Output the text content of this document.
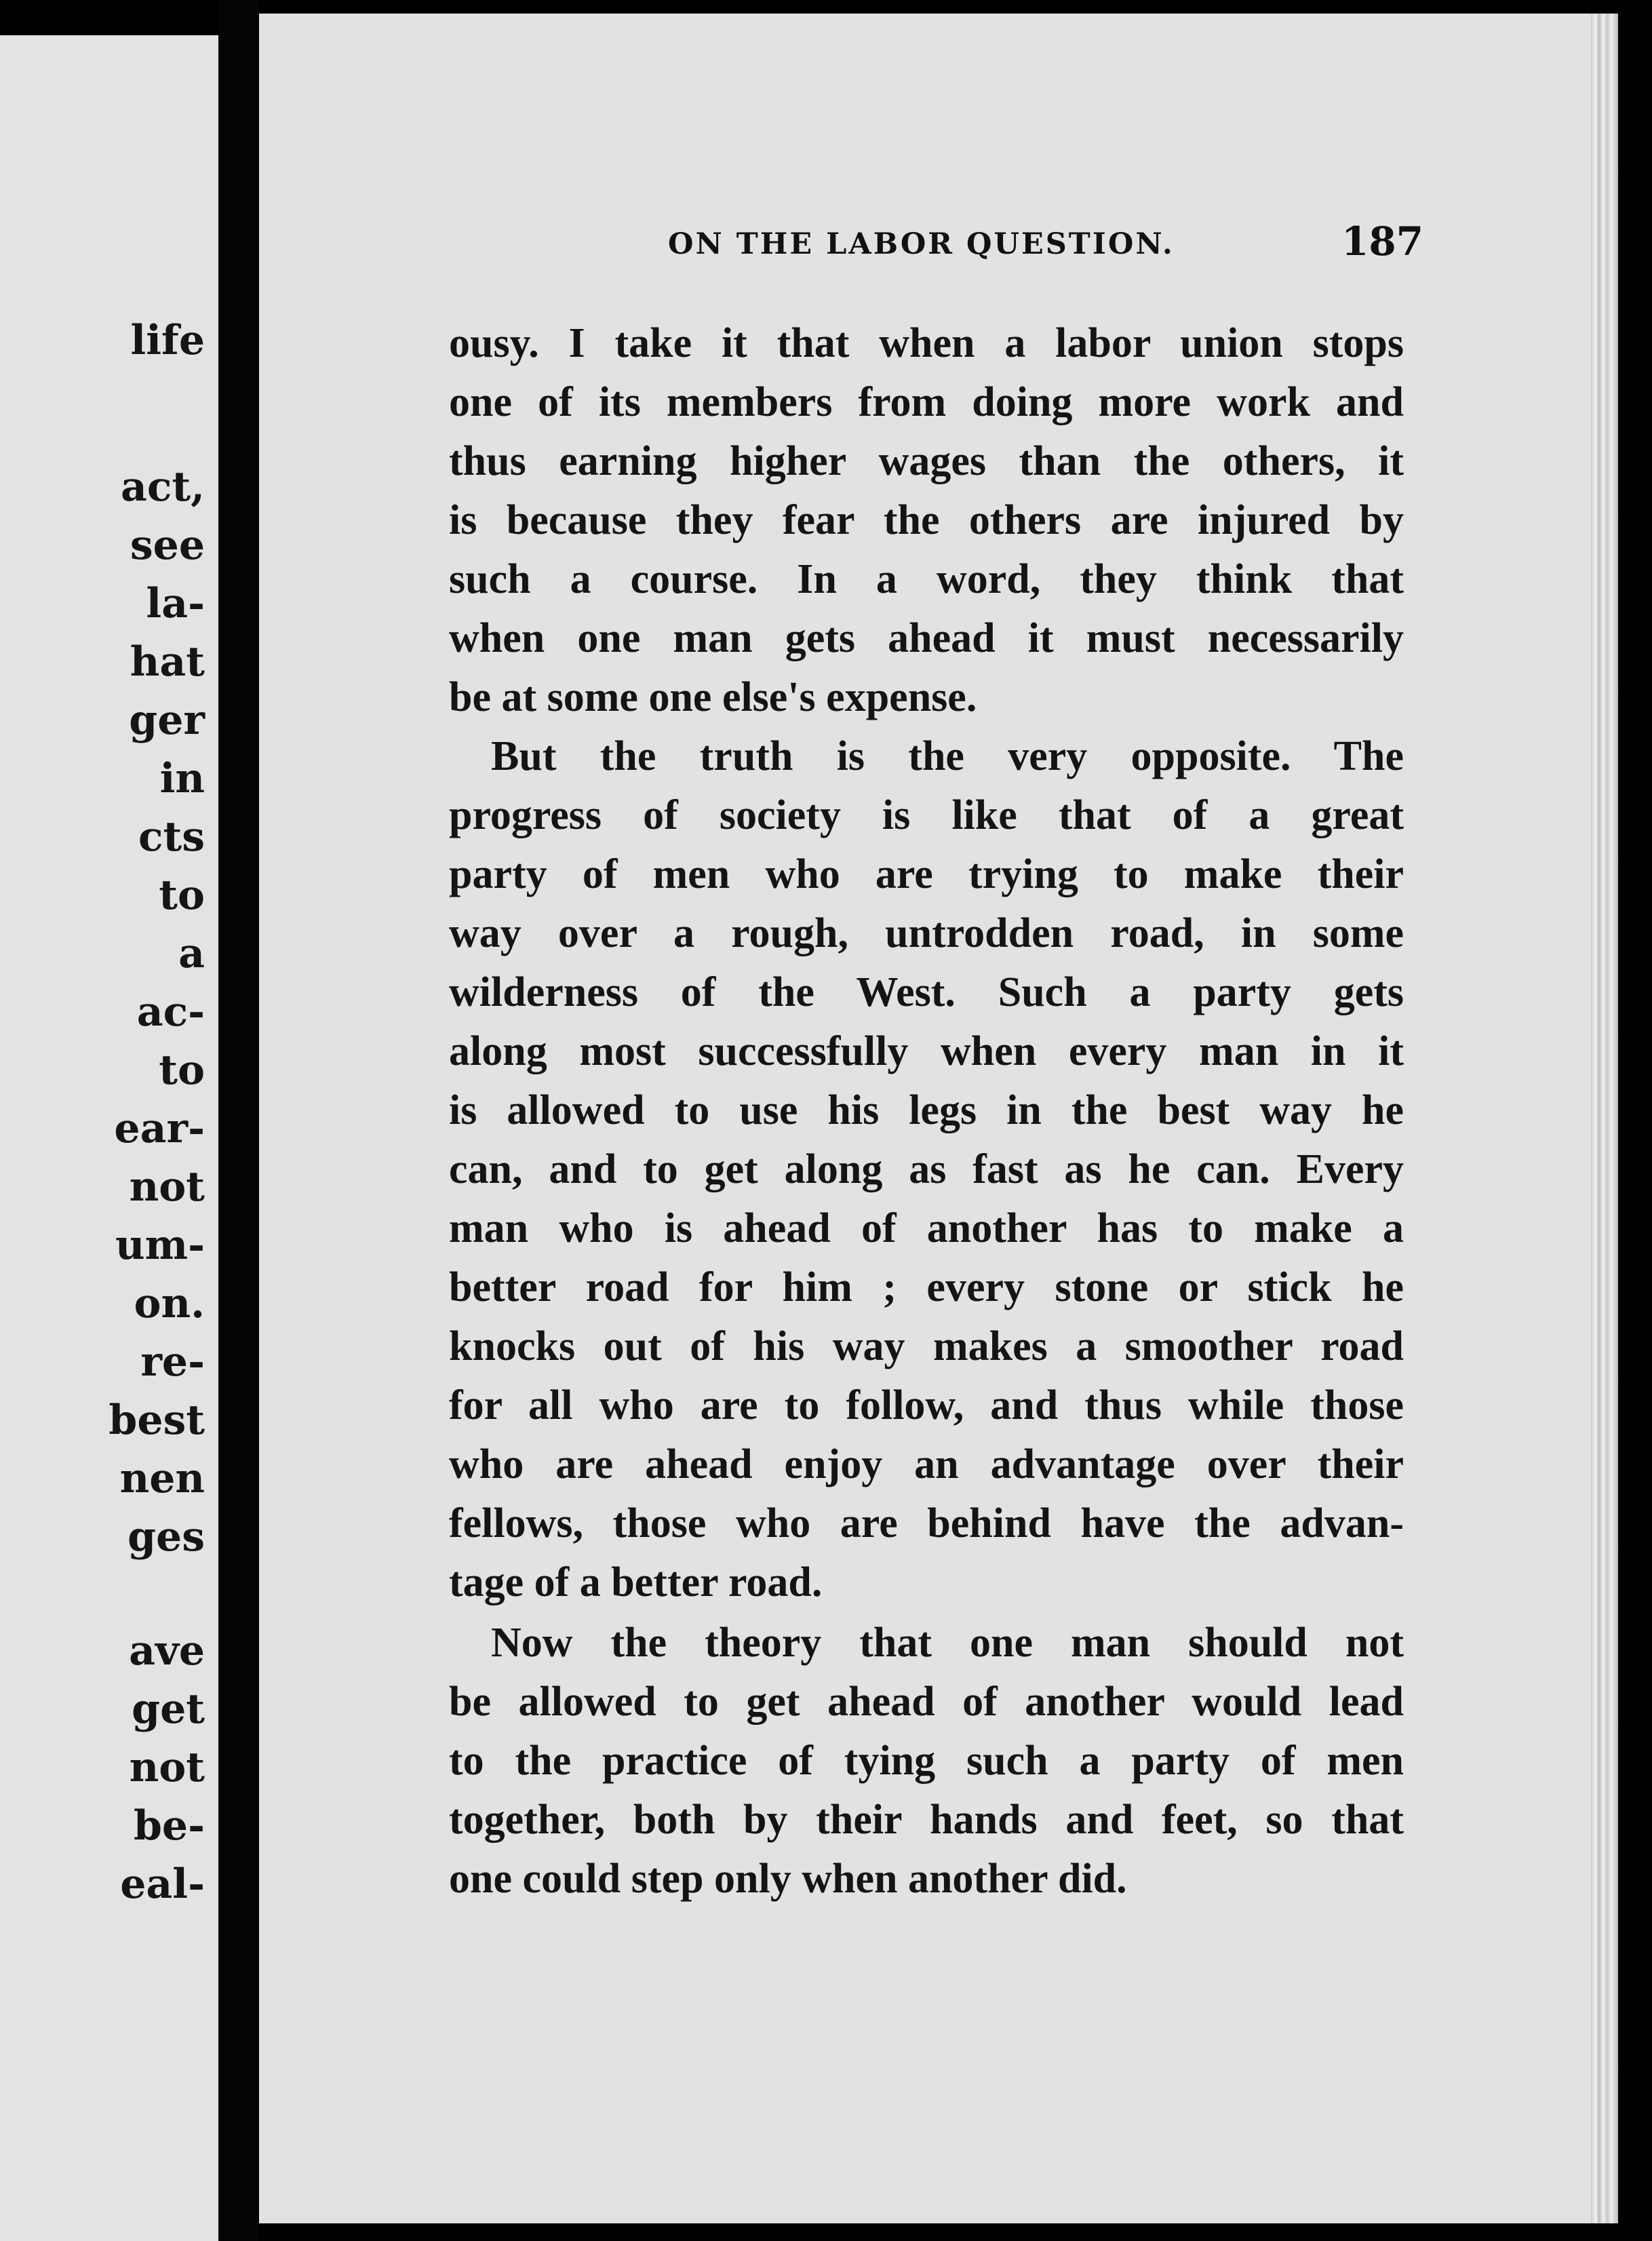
life

act,

see

la-

hat

ger

in

cts

to

a

ac-

to

ear-

not

um-

on.

re-

best

nen

ges

ave

get

not

be-

eal-

ON THE LABOR QUESTION.	187

ousy. I take it that when a labor union stops

one of its members from doing more work and

thus earning higher wages than the others, it

is because they fear the others are injured by

such a course. In a word, they think that

when one man gets ahead it must necessarily

be at some one else's expense.

But the truth is the very opposite. The

progress of society is like that of a great

party of men who are trying to make their

way over a rough, untrodden road, in some

wilderness of the West. Such a party gets

along most successfully when every man in it

is allowed to use his legs in the best way he

can, and to get along as fast as he can. Every

man who is ahead of another has to make a

better road for him ; every stone or stick he

knocks out of his way makes a smoother road

for all who are to follow, and thus while those

who are ahead enjoy an advantage over their

fellows, those who are behind have the advan-

tage of a better road.

Now the theory that one man should not

be allowed to get ahead of another would lead

to the practice of tying such a party of men

together, both by their hands and feet, so that

one could step only when another did.
